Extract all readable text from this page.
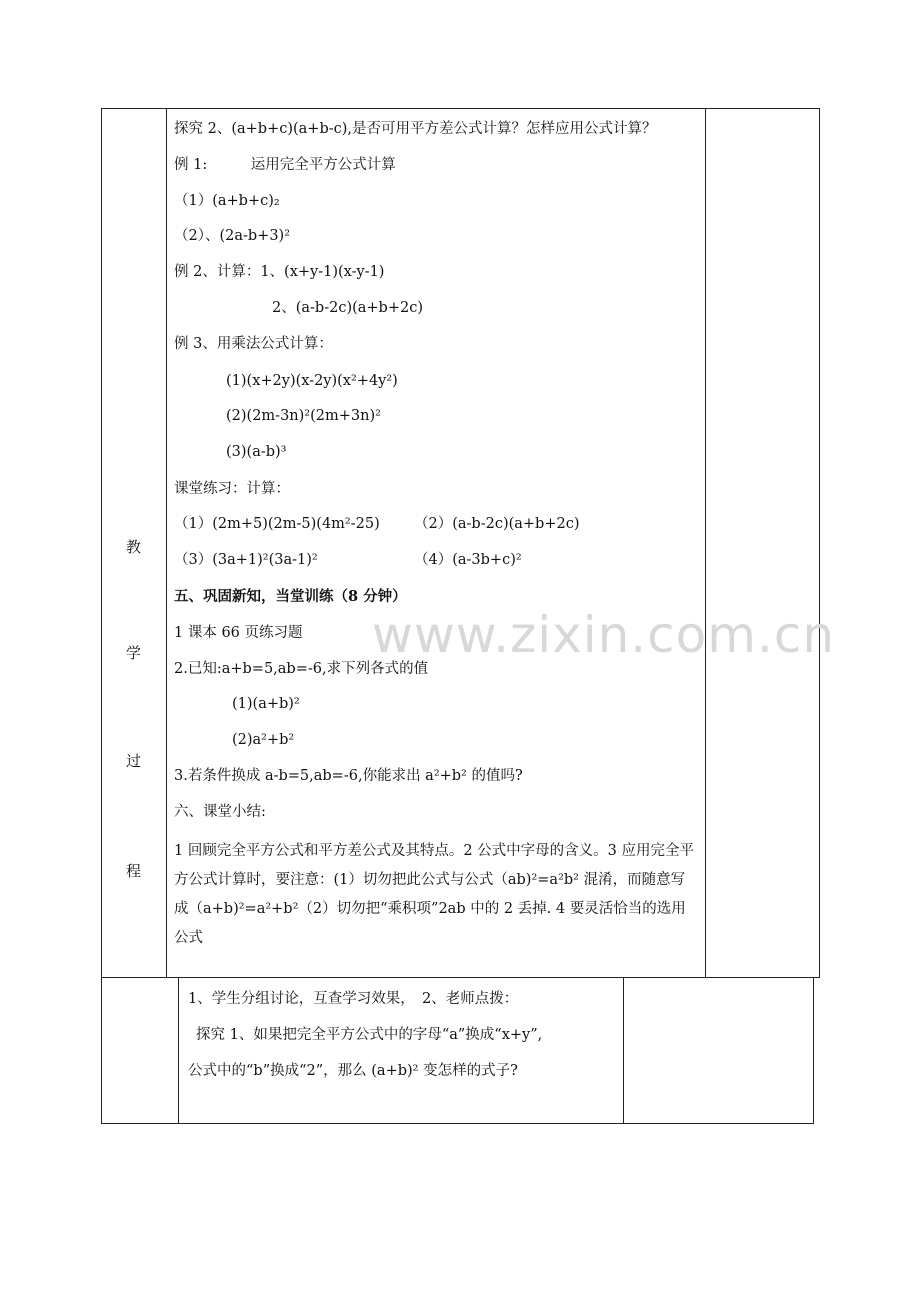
教
学
过
程
探究 2、(a+b+c)(a+b-c),是否可用平方差公式计算？怎样应用公式计算？
例 1:　　　运用完全平方公式计算
（1）(a+b+c)₂
（2）、(2a-b+3)²
例 2、计算：1、(x+y-1)(x-y-1)
2、(a-b-2c)(a+b+2c)
例 3、用乘法公式计算：
(1)(x+2y)(x-2y)(x²+4y²)
(2)(2m-3n)²(2m+3n)²
(3)(a-b)³
课堂练习：计算：
（1）(2m+5)(2m-5)(4m²-25) （2）(a-b-2c)(a+b+2c)
（3）(3a+1)²(3a-1)²	（4）(a-3b+c)²
五、巩固新知，当堂训练（8 分钟）
1 课本 66 页练习题
2.已知:a+b=5,ab=-6,求下列各式的值
(1)(a+b)²
(2)a²+b²
3.若条件换成 a-b=5,ab=-6,你能求出 a²+b² 的值吗?
六、课堂小结:
1 回顾完全平方公式和平方差公式及其特点。2 公式中字母的含义。3 应用完全平方公式计算时，要注意：(1）切勿把此公式与公式（ab)²=a²b² 混淆，而随意写成（a+b)²=a²+b²（2）切勿把“乘积项”2ab 中的 2 丢掉. 4 要灵活恰当的选用公式
www.zixin.com.cn
1、学生分组讨论，互查学习效果，　2、老师点拨：
探究 1、如果把完全平方公式中的字母“a”换成“x+y”,
公式中的“b”换成“2”，那么 (a+b)² 变怎样的式子?
